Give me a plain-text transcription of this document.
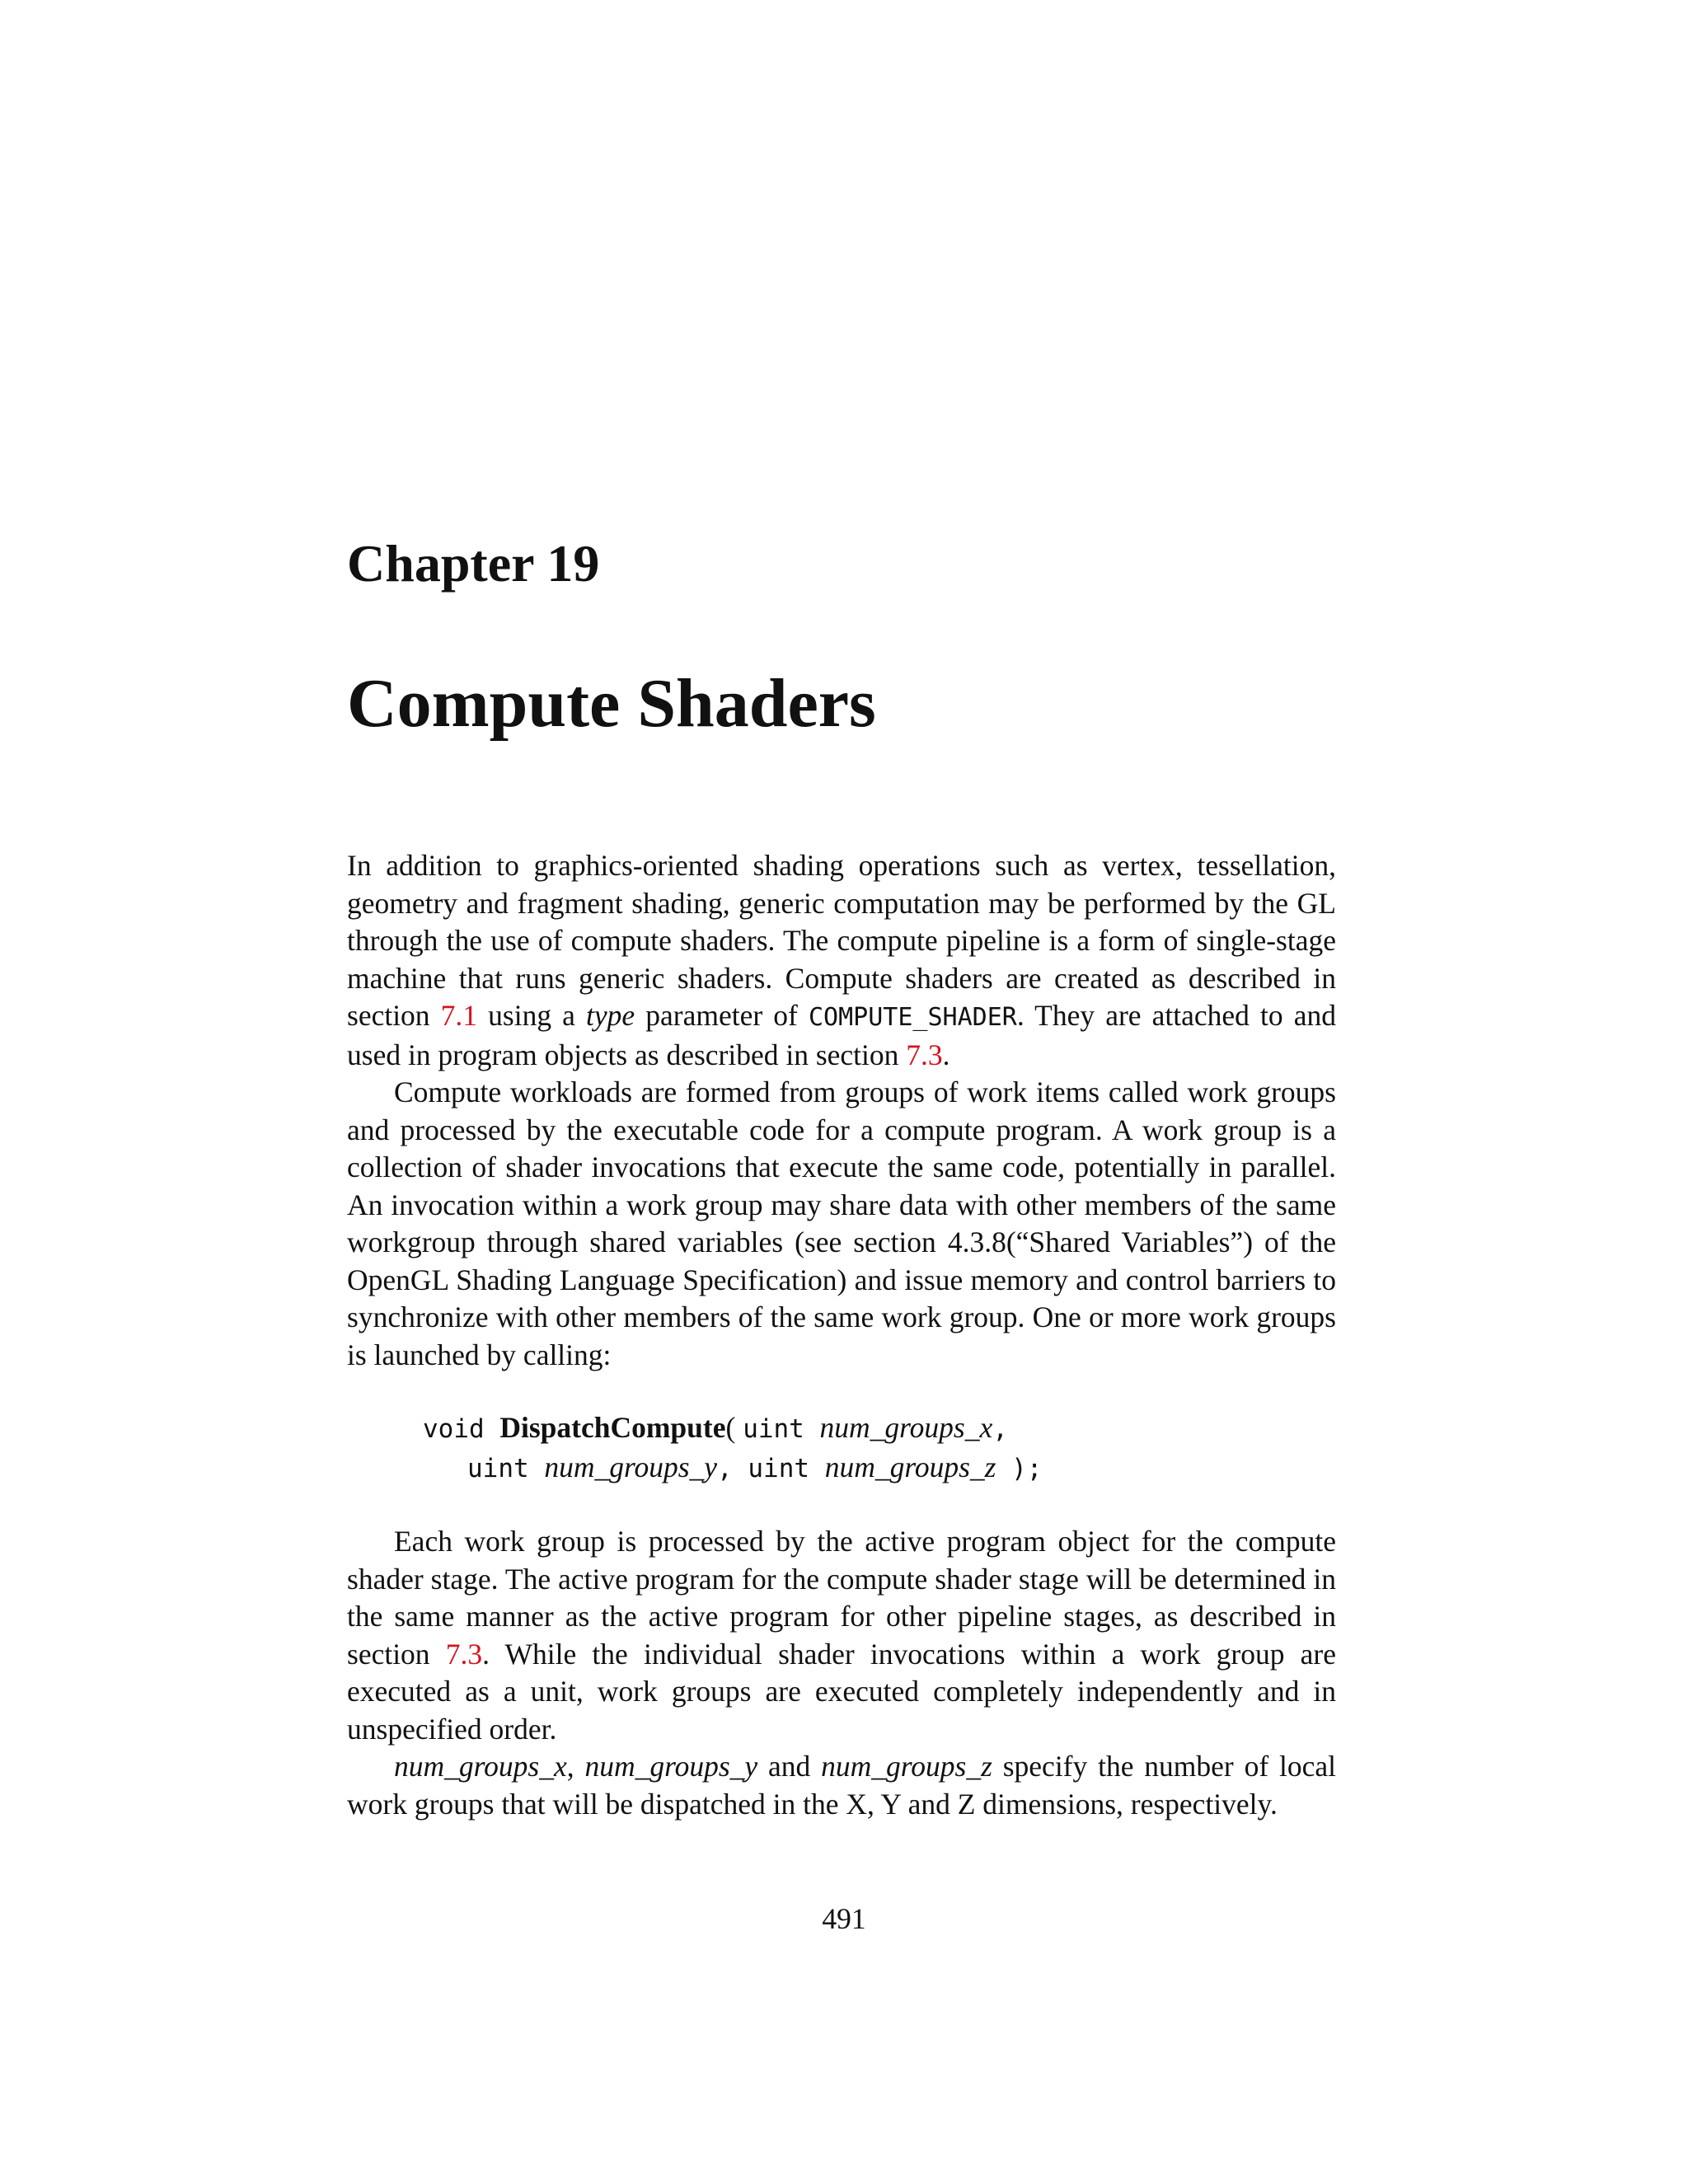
Chapter 19
Compute Shaders

In addition to graphics-oriented shading operations such as vertex, tessellation, geometry and fragment shading, generic computation may be performed by the GL through the use of compute shaders. The compute pipeline is a form of single-stage machine that runs generic shaders. Compute shaders are created as described in section 7.1 using a type parameter of COMPUTE_SHADER. They are attached to and used in program objects as described in section 7.3.

Compute workloads are formed from groups of work items called work groups and processed by the executable code for a compute program. A work group is a collection of shader invocations that execute the same code, potentially in parallel. An invocation within a work group may share data with other members of the same workgroup through shared variables (see section 4.3.8(“Shared Variables”) of the OpenGL Shading Language Specification) and issue memory and control barriers to synchronize with other members of the same work group. One or more work groups is launched by calling:

void DispatchCompute( uint num_groups_x,
uint num_groups_y, uint num_groups_z );

Each work group is processed by the active program object for the compute shader stage. The active program for the compute shader stage will be determined in the same manner as the active program for other pipeline stages, as described in section 7.3. While the individual shader invocations within a work group are executed as a unit, work groups are executed completely independently and in unspecified order.

num_groups_x, num_groups_y and num_groups_z specify the number of local work groups that will be dispatched in the X, Y and Z dimensions, respectively.

491
